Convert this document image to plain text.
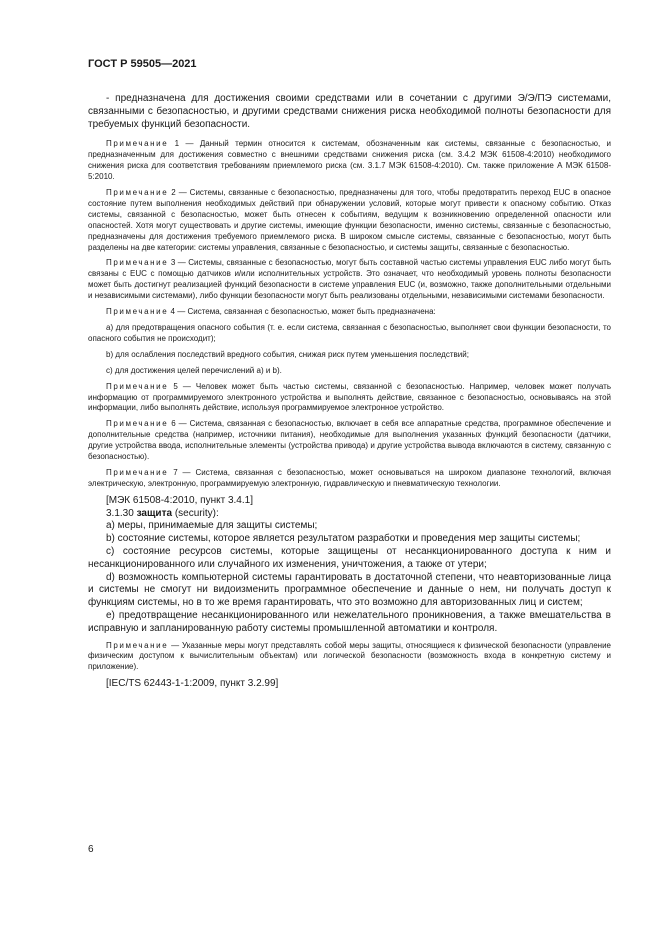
ГОСТ Р 59505—2021

- предназначена для достижения своими средствами или в сочетании с другими Э/Э/ПЭ системами, связанными с безопасностью, и другими средствами снижения риска необходимой полноты безопасности для требуемых функций безопасности.

Примечание 1 — Данный термин относится к системам, обозначенным как системы, связанные с безопасностью, и предназначенным для достижения совместно с внешними средствами снижения риска (см. 3.4.2 МЭК 61508-4:2010) необходимого снижения риска для соответствия требованиям приемлемого риска (см. 3.1.7 МЭК 61508-4:2010). См. также приложение А МЭК 61508-5:2010.

Примечание 2 — Системы, связанные с безопасностью, предназначены для того, чтобы предотвратить переход EUC в опасное состояние путем выполнения необходимых действий при обнаружении условий, которые могут привести к опасному событию. Отказ системы, связанной с безопасностью, может быть отнесен к событиям, ведущим к возникновению определенной опасности или опасностей. Хотя могут существовать и другие системы, имеющие функции безопасности, именно системы, связанные с безопасностью, предназначены для достижения требуемого приемлемого риска. В широком смысле системы, связанные с безопасностью, могут быть разделены на две категории: системы управления, связанные с безопасностью, и системы защиты, связанные с безопасностью.

Примечание 3 — Системы, связанные с безопасностью, могут быть составной частью системы управления EUC либо могут быть связаны с EUC с помощью датчиков и/или исполнительных устройств. Это означает, что необходимый уровень полноты безопасности может быть достигнут реализацией функций безопасности в системе управления EUC (и, возможно, также дополнительными отдельными и независимыми системами), либо функции безопасности могут быть реализованы отдельными, независимыми системами безопасности.

Примечание 4 — Система, связанная с безопасностью, может быть предназначена:

a) для предотвращения опасного события (т. е. если система, связанная с безопасностью, выполняет свои функции безопасности, то опасного события не происходит);

b) для ослабления последствий вредного события, снижая риск путем уменьшения последствий;

c) для достижения целей перечислений a) и b).

Примечание 5 — Человек может быть частью системы, связанной с безопасностью. Например, человек может получать информацию от программируемого электронного устройства и выполнять действие, связанное с безопасностью, основываясь на этой информации, либо выполнять действие, используя программируемое электронное устройство.

Примечание 6 — Система, связанная с безопасностью, включает в себя все аппаратные средства, программное обеспечение и дополнительные средства (например, источники питания), необходимые для выполнения указанных функций безопасности (датчики, другие устройства ввода, исполнительные элементы (устройства привода) и другие устройства вывода включаются в систему, связанную с безопасностью).

Примечание 7 — Система, связанная с безопасностью, может основываться на широком диапазоне технологий, включая электрическую, электронную, программируемую электронную, гидравлическую и пневматическую технологии.

[МЭК 61508-4:2010, пункт 3.4.1]

3.1.30 защита (security):

a) меры, принимаемые для защиты системы;

b) состояние системы, которое является результатом разработки и проведения мер защиты системы;

c) состояние ресурсов системы, которые защищены от несанкционированного доступа к ним и несанкционированного или случайного их изменения, уничтожения, а также от утери;

d) возможность компьютерной системы гарантировать в достаточной степени, что неавторизованные лица и системы не смогут ни видоизменить программное обеспечение и данные о нем, ни получать доступ к функциям системы, но в то же время гарантировать, что это возможно для авторизованных лиц и систем;

e) предотвращение несанкционированного или нежелательного проникновения, а также вмешательства в исправную и запланированную работу системы промышленной автоматики и контроля.

Примечание — Указанные меры могут представлять собой меры защиты, относящиеся к физической безопасности (управление физическим доступом к вычислительным объектам) или логической безопасности (возможность входа в конкретную систему и приложение).

[IEC/TS 62443-1-1:2009, пункт 3.2.99]

6
